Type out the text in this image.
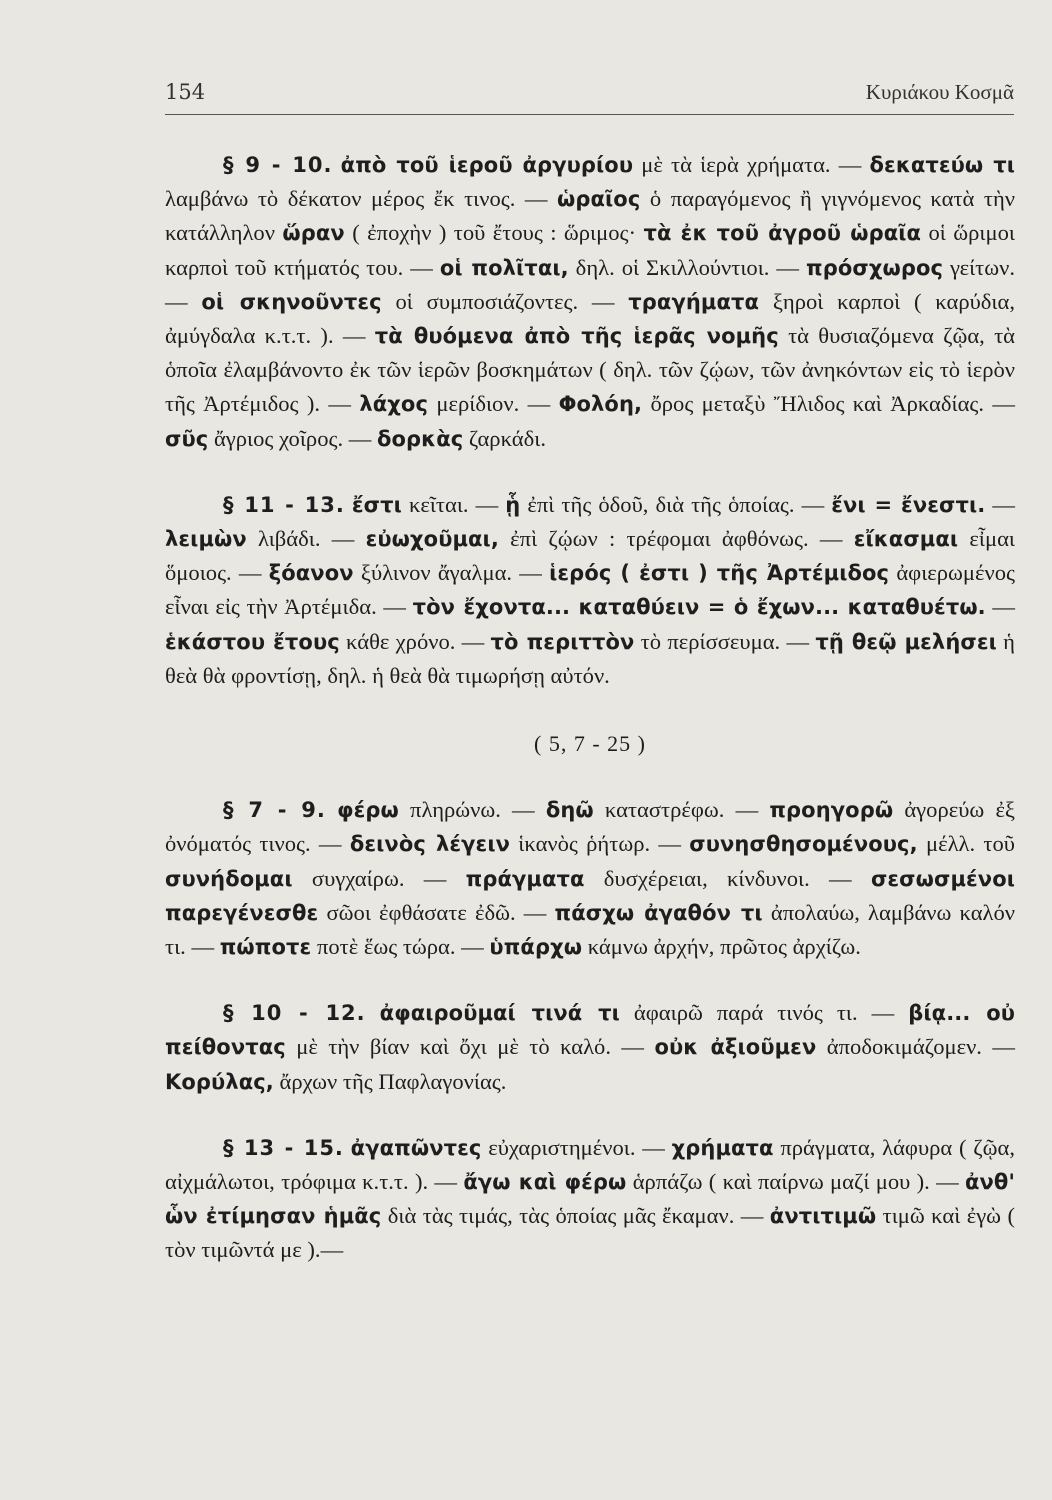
154	Κυριάκου Κοσμᾶ

§ 9 - 10. ἀπὸ τοῦ ἱεροῦ ἀργυρίου μὲ τὰ ἱερὰ χρήματα. — δεκατεύω τι λαμβάνω τὸ δέκατον μέρος ἔκ τινος. — ὡραῖος ὁ παραγόμενος ἢ γιγνόμενος κατὰ τὴν κατάλληλον ὥραν ( ἐποχὴν ) τοῦ ἔτους : ὥριμος· τὰ ἐκ τοῦ ἀγροῦ ὡραῖα οἱ ὥριμοι καρποὶ τοῦ κτήματός του. — οἱ πολῖται, δηλ. οἱ Σκιλλούντιοι. — πρόσχωρος γείτων. — οἱ σκηνοῦντες οἱ συμποσιάζοντες. — τραγήματα ξηροὶ καρποὶ ( καρύδια, ἀμύγδαλα κ.τ.τ. ). — τὰ θυόμενα ἀπὸ τῆς ἱερᾶς νομῆς τὰ θυσιαζόμενα ζῷα, τὰ ὁποῖα ἐλαμβάνοντο ἐκ τῶν ἱερῶν βοσκημάτων ( δηλ. τῶν ζῴων, τῶν ἀνηκόντων εἰς τὸ ἱερὸν τῆς Ἀρτέμιδος ). — λάχος μερίδιον. — Φολόη, ὄρος μεταξὺ Ἤλιδος καὶ Ἀρκαδίας. — σῦς ἄγριος χοῖρος. — δορκὰς ζαρκάδι.

§ 11 - 13. ἔστι κεῖται. — ᾗ ἐπὶ τῆς ὁδοῦ, διὰ τῆς ὁποίας. — ἔνι = ἔνεστι. — λειμὼν λιβάδι. — εὐωχοῦμαι, ἐπὶ ζῴων : τρέφομαι ἀφθόνως. — εἴκασμαι εἶμαι ὅμοιος. — ξόανον ξύλινον ἄγαλμα. — ἱερός ( ἐστι ) τῆς Ἀρτέμιδος ἀφιερωμένος εἶναι εἰς τὴν Ἀρτέμιδα. — τὸν ἔχοντα... καταθύειν = ὁ ἔχων... καταθυέτω. — ἑκάστου ἔτους κάθε χρόνο. — τὸ περιττὸν τὸ περίσσευμα. — τῇ θεῷ μελήσει ἡ θεὰ θὰ φροντίσῃ, δηλ. ἡ θεὰ θὰ τιμωρήσῃ αὐτόν.

( 5, 7 - 25 )

§ 7 - 9. φέρω πληρώνω. — δηῶ καταστρέφω. — προηγορῶ ἀγορεύω ἐξ ὀνόματός τινος. — δεινὸς λέγειν ἱκανὸς ῥήτωρ. — συνησθησομένους, μέλλ. τοῦ συνήδομαι συγχαίρω. — πράγματα δυσχέρειαι, κίνδυνοι. — σεσωσμένοι παρεγένεσθε σῶοι ἐφθάσατε ἐδῶ. — πάσχω ἀγαθόν τι ἀπολαύω, λαμβάνω καλόν τι. — πώποτε ποτὲ ἕως τώρα. — ὑπάρχω κάμνω ἀρχήν, πρῶτος ἀρχίζω.

§ 10 - 12. ἀφαιροῦμαί τινά τι ἀφαιρῶ παρά τινός τι. — βίᾳ... οὐ πείθοντας μὲ τὴν βίαν καὶ ὄχι μὲ τὸ καλό. — οὐκ ἀξιοῦμεν ἀποδοκιμάζομεν. — Κορύλας, ἄρχων τῆς Παφλαγονίας.

§ 13 - 15. ἀγαπῶντες εὐχαριστημένοι. — χρήματα πράγματα, λάφυρα ( ζῷα, αἰχμάλωτοι, τρόφιμα κ.τ.τ. ). — ἄγω καὶ φέρω ἁρπάζω ( καὶ παίρνω μαζί μου ). — ἀνθ' ὧν ἐτίμησαν ἡμᾶς διὰ τὰς τιμάς, τὰς ὁποίας μᾶς ἔκαμαν. — ἀντιτιμῶ τιμῶ καὶ ἐγὼ ( τὸν τιμῶντά με ).—
